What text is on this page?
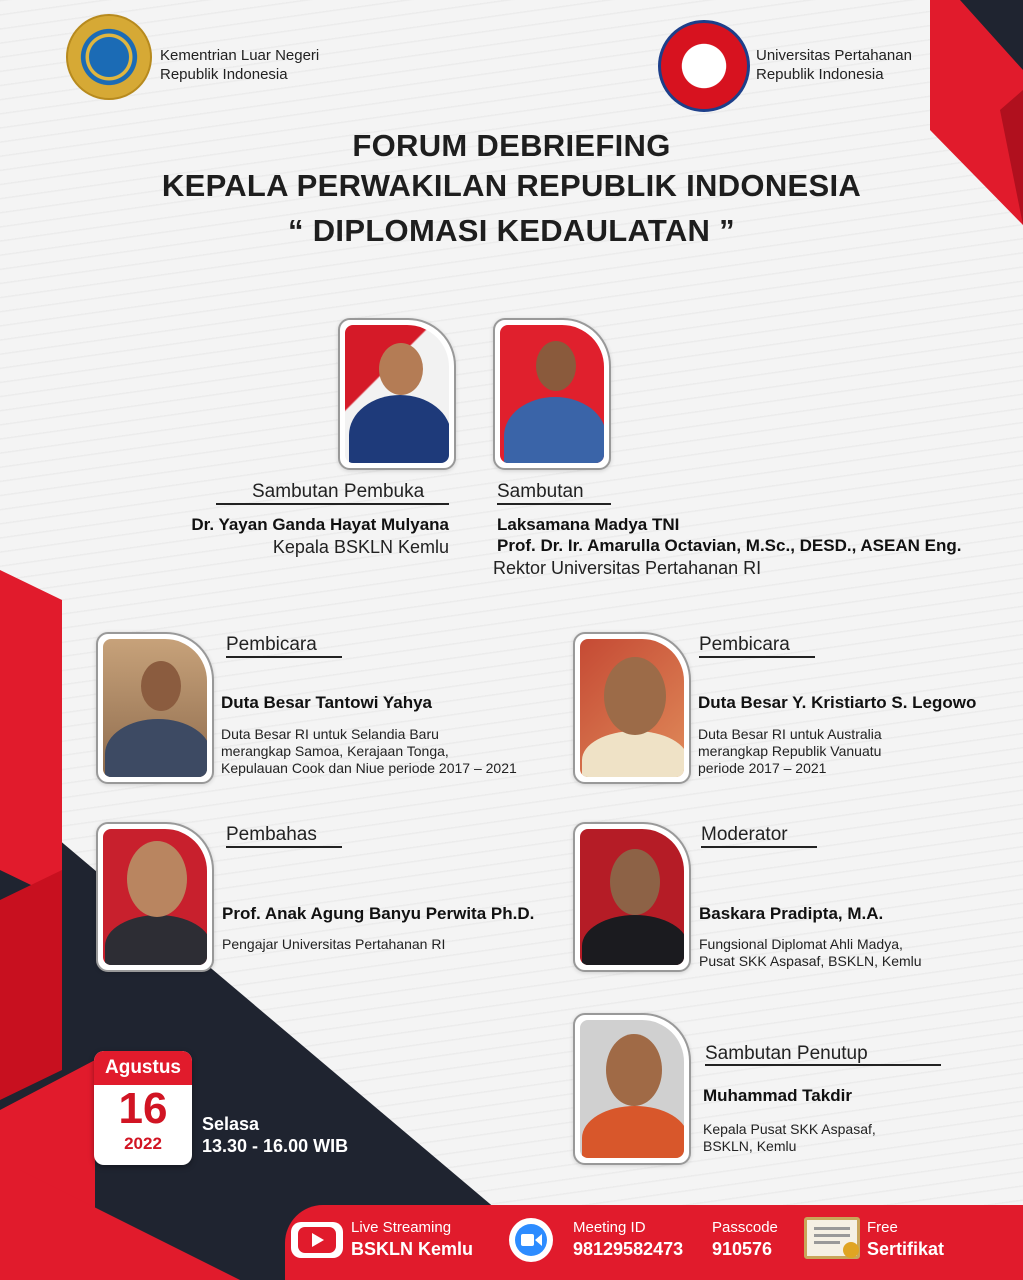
Kementrian Luar Negeri
Republik Indonesia
Universitas Pertahanan
Republik Indonesia
FORUM DEBRIEFING
KEPALA PERWAKILAN REPUBLIK INDONESIA
“ DIPLOMASI KEDAULATAN ”
Sambutan Pembuka
Dr. Yayan Ganda Hayat Mulyana
Kepala BSKLN Kemlu
Sambutan
Laksamana Madya TNI
Prof. Dr. Ir. Amarulla Octavian, M.Sc., DESD., ASEAN Eng.
Rektor Universitas Pertahanan RI
Pembicara
Duta Besar Tantowi Yahya
Duta Besar RI untuk Selandia Baru
merangkap Samoa, Kerajaan Tonga,
Kepulauan Cook dan Niue periode 2017 – 2021
Pembicara
Duta Besar Y. Kristiarto S. Legowo
Duta Besar RI untuk Australia
merangkap Republik Vanuatu
periode 2017 – 2021
Pembahas
Prof. Anak Agung Banyu Perwita Ph.D.
Pengajar Universitas Pertahanan RI
Moderator
Baskara Pradipta, M.A.
Fungsional Diplomat Ahli Madya,
Pusat SKK Aspasaf, BSKLN, Kemlu
Sambutan Penutup
Muhammad Takdir
Kepala Pusat SKK Aspasaf,
BSKLN, Kemlu
Agustus
16
2022
Selasa
13.30 - 16.00 WIB
Live Streaming
BSKLN Kemlu
Meeting ID
98129582473
Passcode
910576
Free
Sertifikat
